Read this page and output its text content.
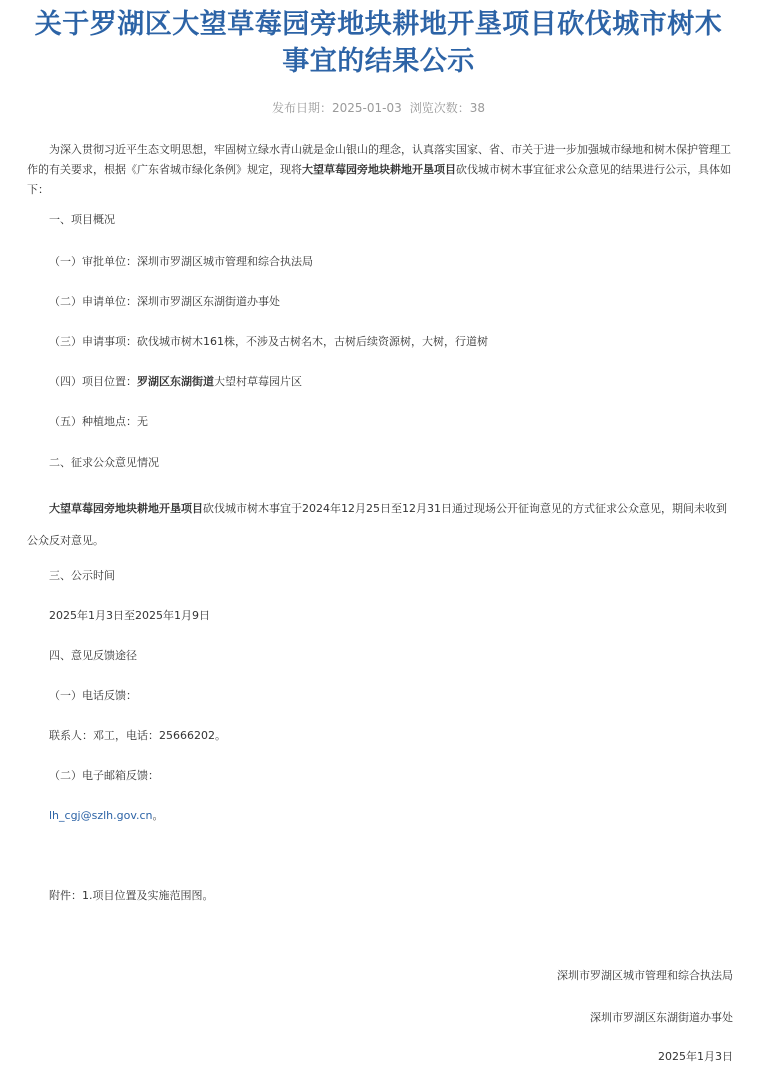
关于罗湖区大望草莓园旁地块耕地开垦项目砍伐城市树木
事宜的结果公示
发布日期：2025-01-03 浏览次数：38

为深入贯彻习近平生态文明思想，牢固树立绿水青山就是金山银山的理念，认真落实国家、省、市关于进一步加强城市绿地和树木保护管理工作的有关要求，根据《广东省城市绿化条例》规定，现将大望草莓园旁地块耕地开垦项目砍伐城市树木事宜征求公众意见的结果进行公示，具体如下：

一、项目概况
（一）审批单位：深圳市罗湖区城市管理和综合执法局
（二）申请单位：深圳市罗湖区东湖街道办事处
（三）申请事项：砍伐城市树木161株，不涉及古树名木，古树后续资源树，大树，行道树
（四）项目位置：罗湖区东湖街道大望村草莓园片区
（五）种植地点：无
二、征求公众意见情况

大望草莓园旁地块耕地开垦项目砍伐城市树木事宜于2024年12月25日至12月31日通过现场公开征询意见的方式征求公众意见，期间未收到公众反对意见。

三、公示时间
2025年1月3日至2025年1月9日
四、意见反馈途径
（一）电话反馈：
联系人：邓工，电话：25666202。
（二）电子邮箱反馈：
lh_cgj@szlh.gov.cn。
附件：1.项目位置及实施范围图。
深圳市罗湖区城市管理和综合执法局
深圳市罗湖区东湖街道办事处
2025年1月3日
